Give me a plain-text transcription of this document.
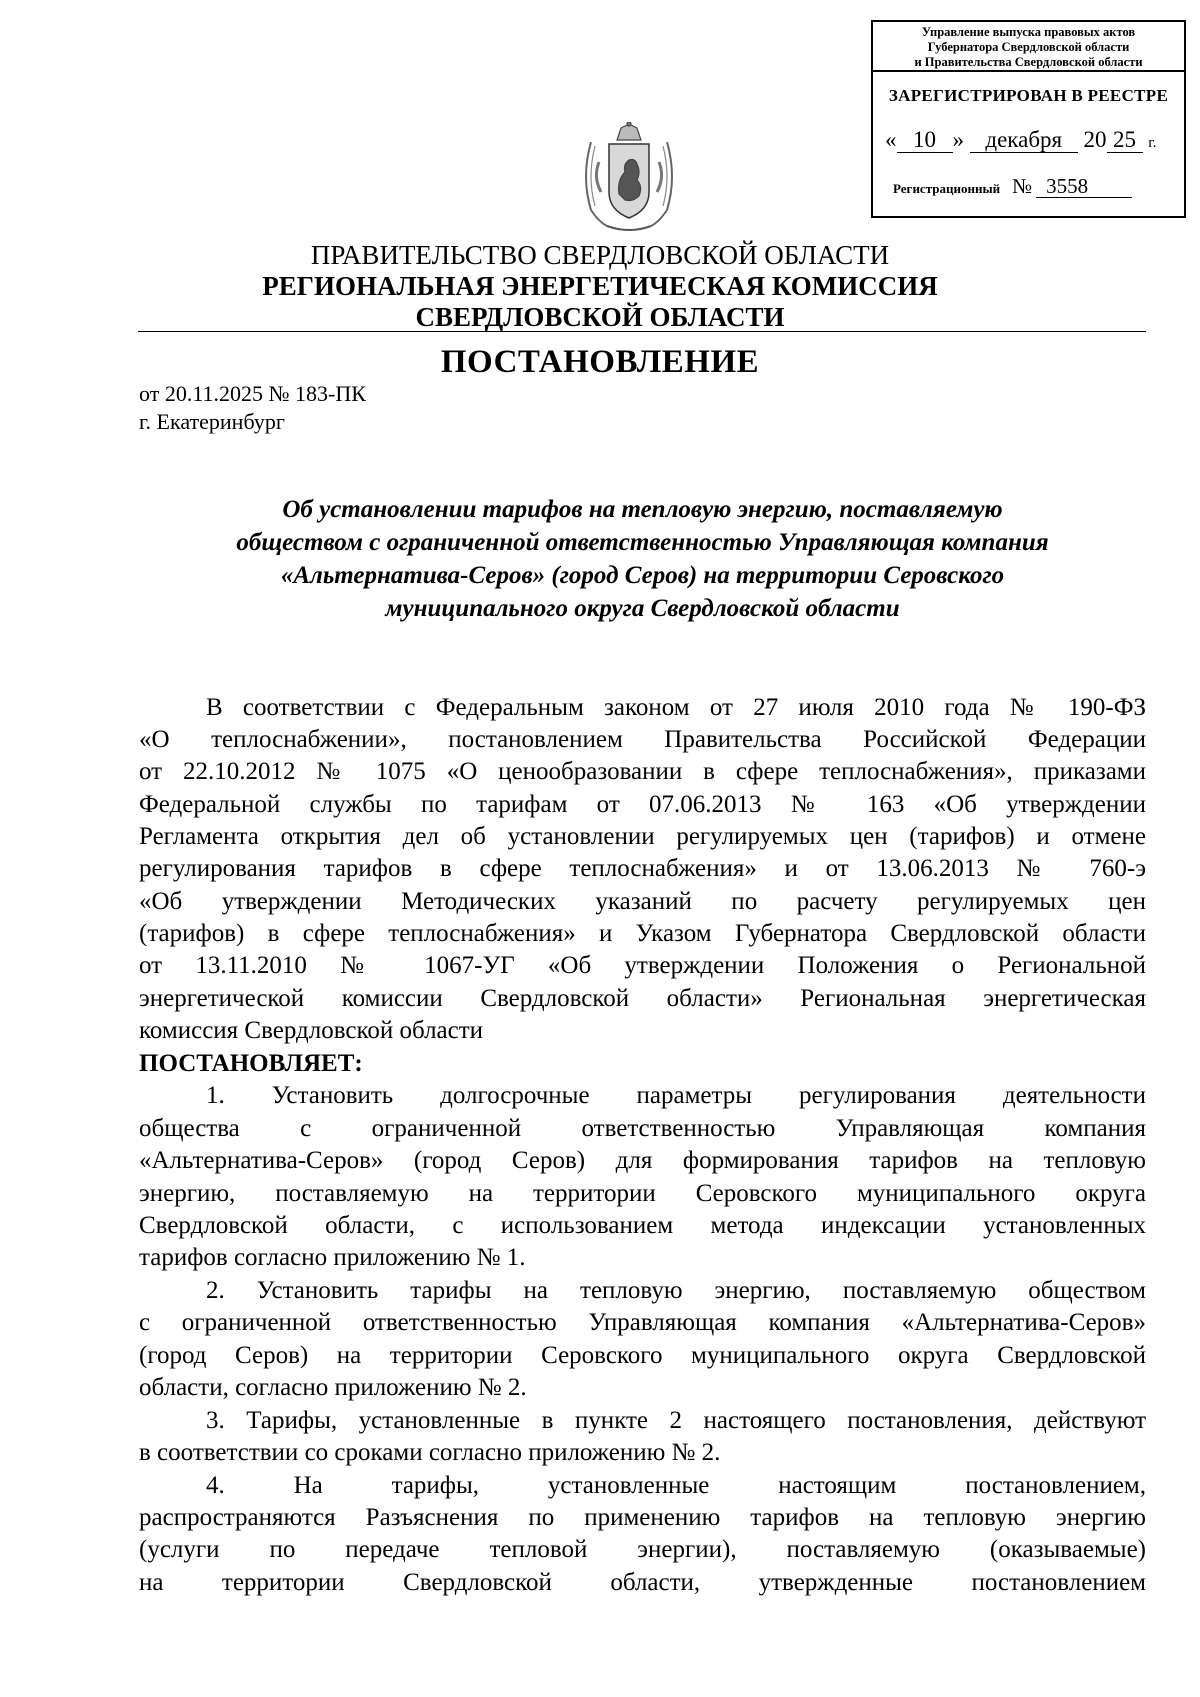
Управление выпуска правовых актов
Губернатора Свердловской области
и Правительства Свердловской области
ЗАРЕГИСТРИРОВАН В РЕЕСТРЕ
« 10 » декабря 20 25 г.
Регистрационный № 3558
ПРАВИТЕЛЬСТВО СВЕРДЛОВСКОЙ ОБЛАСТИ
РЕГИОНАЛЬНАЯ ЭНЕРГЕТИЧЕСКАЯ КОМИССИЯ
СВЕРДЛОВСКОЙ ОБЛАСТИ
ПОСТАНОВЛЕНИЕ
от 20.11.2025 № 183-ПК
г. Екатеринбург
Об установлении тарифов на тепловую энергию, поставляемую
обществом с ограниченной ответственностью Управляющая компания
«Альтернатива-Серов» (город Серов) на территории Серовского
муниципального округа Свердловской области
В соответствии с Федеральным законом от 27 июля 2010 года № 190-ФЗ
«О теплоснабжении», постановлением Правительства Российской Федерации
от 22.10.2012 № 1075 «О ценообразовании в сфере теплоснабжения», приказами
Федеральной службы по тарифам от 07.06.2013 № 163 «Об утверждении
Регламента открытия дел об установлении регулируемых цен (тарифов) и отмене
регулирования тарифов в сфере теплоснабжения» и от 13.06.2013 № 760-э
«Об утверждении Методических указаний по расчету регулируемых цен
(тарифов) в сфере теплоснабжения» и Указом Губернатора Свердловской области
от 13.11.2010 № 1067-УГ «Об утверждении Положения о Региональной
энергетической комиссии Свердловской области» Региональная энергетическая
комиссия Свердловской области
ПОСТАНОВЛЯЕТ:
1. Установить долгосрочные параметры регулирования деятельности
общества с ограниченной ответственностью Управляющая компания
«Альтернатива-Серов» (город Серов) для формирования тарифов на тепловую
энергию, поставляемую на территории Серовского муниципального округа
Свердловской области, с использованием метода индексации установленных
тарифов согласно приложению № 1.
2. Установить тарифы на тепловую энергию, поставляемую обществом
с ограниченной ответственностью Управляющая компания «Альтернатива-Серов»
(город Серов) на территории Серовского муниципального округа Свердловской
области, согласно приложению № 2.
3. Тарифы, установленные в пункте 2 настоящего постановления, действуют
в соответствии со сроками согласно приложению № 2.
4. На тарифы, установленные настоящим постановлением,
распространяются Разъяснения по применению тарифов на тепловую энергию
(услуги по передаче тепловой энергии), поставляемую (оказываемые)
на территории Свердловской области, утвержденные постановлением
